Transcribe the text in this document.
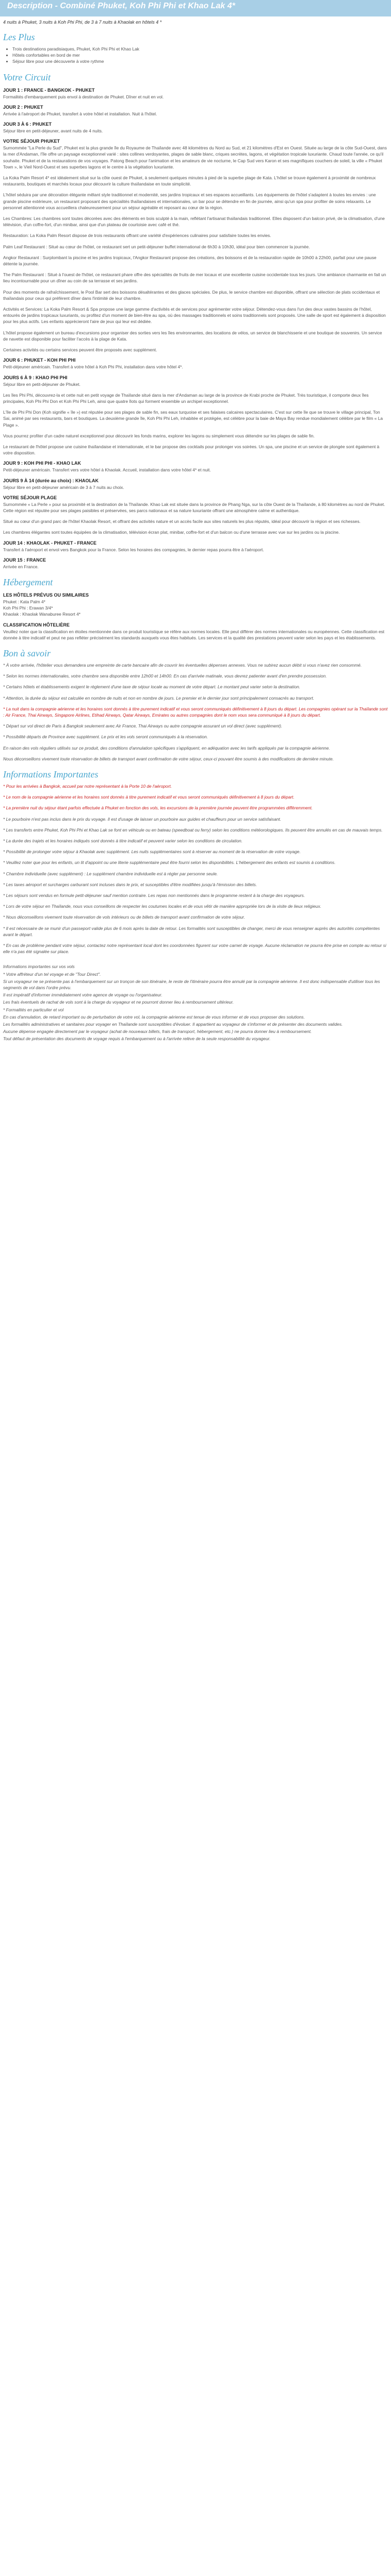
Description - Combiné Phuket, Koh Phi Phi et Khao Lak 4*
4 nuits à Phuket, 3 nuits à Koh Phi Phi, de 3 à 7 nuits à Khaolak en hôtels 4 *
Les Plus
• Trois destinations paradisiaques, Phuket, Koh Phi Phi et Khao Lak
• Hôtels confortables en bord de mer
• Séjour libre pour une découverte à votre rythme
Votre Circuit
JOUR 1 : FRANCE - BANGKOK - PHUKET

Formalités d'embarquement puis envol à destination de Phuket. Dîner et nuit en vol.

JOUR 2 : PHUKET

Arrivée à l'aéroport de Phuket, transfert à votre hôtel et installation. Nuit à l'hôtel.

JOUR 3 À 6 : PHUKET

Séjour libre en petit-déjeuner, avant nuits de 4 nuits.

VOTRE SÉJOUR PHUKET

Surnommée "La Perle du Sud", Phuket est la plus grande île du Royaume de Thaïlande avec 48 kilomètres du Nord au Sud, et 21 kilomètres d'Est en Ouest. Située au large de la côte Sud-Ouest, dans la mer d'Andaman, l'île offre un paysage exceptionnel varié : sites collines verdoyantes, plages de sable blanc, criques secrètes, lagons, et végétation tropicale luxuriante. Chaud toute l'année, ce qu'il souhaite. Phuket et de la restaurations de vos voyages. Patong Beach pour l'animation et les amateurs de vie nocturne, le Cap Sud vers Karon et ses magnifiques couchers de soleil, la ville « Phuket Town », le Vieil Nord-Ouest et ses superbes lagons et le centre à la végétation luxuriante.

La Koka Palm Resort 4* est idéalement situé sur la côte ouest de Phuket, à seulement quelques minutes à pied de la superbe plage de Kata. L'hôtel se trouve également à proximité de nombreux restaurants, boutiques et marchés locaux pour découvrir la culture thaïlandaise en toute simplicité.

L'hôtel séduira par une décoration élégante mêlant style traditionnel et modernité, ses jardins tropicaux et ses espaces accueillants. Les équipements de l'hôtel s'adaptent à toutes les envies : une grande piscine extérieure, un restaurant proposant des spécialités thaïlandaises et internationales, un bar pour se détendre en fin de journée, ainsi qu'un spa pour profiter de soins relaxants. Le personnel attentionné vous accueillera chaleureusement pour un séjour agréable et reposant au cœur de la région.

Les Chambres: Les chambres sont toutes décorées avec des éléments en bois sculpté à la main, reflétant l'artisanat thaïlandais traditionnel. Elles disposent d'un balcon privé, de la climatisation, d'une télévision, d'un coffre-fort, d'un minibar, ainsi que d'un plateau de courtoisie avec café et thé.

Restauration: La Koka Palm Resort dispose de trois restaurants offrant une variété d'expériences culinaires pour satisfaire toutes les envies.

Palm Leaf Restaurant : Situé au cœur de l'hôtel, ce restaurant sert un petit-déjeuner buffet international de 6h30 à 10h30, idéal pour bien commencer la journée.

Angkor Restaurant : Surplombant la piscine et les jardins tropicaux, l'Angkor Restaurant propose des créations, des boissons et de la restauration rapide de 10h00 à 22h00, parfait pour une pause détente la journée.

The Palm Restaurant : Situé à l'ouest de l'hôtel, ce restaurant phare offre des spécialités de fruits de mer locaux et une excellente cuisine occidentale tous les jours. Une ambiance charmante en fait un lieu incontournable pour un dîner au coin de sa terrasse et ses jardins.

Pour des moments de rafraîchissement, le Pool Bar sert des boissons désaltérantes et des glaces spéciales. De plus, le service chambre est disponible, offrant une sélection de plats occidentaux et thaïlandais pour ceux qui préfèrent dîner dans l'intimité de leur chambre.

Activités et Services: La Koka Palm Resort & Spa propose une large gamme d'activités et de services pour agrémenter votre séjour. Détendez-vous dans l'un des deux vastes bassins de l'hôtel, entourés de jardins tropicaux luxuriants, ou profitez d'un moment de bien-être au spa, où des massages traditionnels et soins traditionnels sont proposés. Une salle de sport est également à disposition pour les plus actifs. Les enfants apprécieront l'aire de jeux qui leur est dédiée.

L'hôtel propose également un bureau d'excursions pour organiser des sorties vers les îles environnantes, des locations de vélos, un service de blanchisserie et une boutique de souvenirs. Un service de navette est disponible pour faciliter l'accès à la plage de Kata.

Certaines activités ou certains services peuvent être proposés avec supplément.

JOUR 6 : PHUKET - KOH PHI PHI

Petit-déjeuner américain. Transfert à votre hôtel à Koh Phi Phi, installation dans votre hôtel 4*.

JOURS 6 À 9 : KHAO PHI PHI

Séjour libre en petit-déjeuner de Phuket.

Les îles Phi Phi, découvrez-la et cette nuit en petit voyage de Thaïlande situé dans la mer d'Andaman au large de la province de Krabi proche de Phuket. Très touristique, il comporte deux îles principales, Koh Phi Phi Don et Koh Phi Phi Leh, ainsi que quatre îlots qui forment ensemble un archipel exceptionnel.

L'île de Phi Phi Don (Koh signifie « île ») est réputée pour ses plages de sable fin, ses eaux turquoise et ses falaises calcaires spectaculaires. C'est sur cette île que se trouve le village principal, Ton Sai, animé par ses restaurants, bars et boutiques. La deuxième grande île, Koh Phi Phi Leh, inhabitée et protégée, est célèbre pour la baie de Maya Bay rendue mondialement célèbre par le film « La Plage ».

Vous pourrez profiter d'un cadre naturel exceptionnel pour découvrir les fonds marins, explorer les lagons ou simplement vous détendre sur les plages de sable fin.

Le restaurant de l'hôtel propose une cuisine thaïlandaise et internationale, et le bar propose des cocktails pour prolonger vos soirées. Un spa, une piscine et un service de plongée sont également à votre disposition.

JOUR 9 : KOH PHI PHI - KHAO LAK

Petit-déjeuner américain. Transfert vers votre hôtel à Khaolak. Accueil, installation dans votre hôtel 4* et nuit.

JOURS 9 À 14 (durée au choix) : KHAOLAK

Séjour libre en petit-déjeuner américain de 3 à 7 nuits au choix.

VOTRE SÉJOUR PLAGE

Surnommée « La Perle » pour sa proximité et la destination de la Thaïlande. Khao Lak est située dans la province de Phang Nga, sur la côte Ouest de la Thaïlande, à 80 kilomètres au nord de Phuket. Cette région est réputée pour ses plages paisibles et préservées, ses parcs nationaux et sa nature luxuriante offrant une atmosphère calme et authentique.

Situé au cœur d'un grand parc de l'hôtel Khaolak Resort, et offrant des activités nature et un accès facile aux sites naturels les plus réputés, idéal pour découvrir la région et ses richesses.

Les chambres élégantes sont toutes équipées de la climatisation, télévision écran plat, minibar, coffre-fort et d'un balcon ou d'une terrasse avec vue sur les jardins ou la piscine.

JOUR 14 : KHAOLAK - PHUKET - FRANCE

Transfert à l'aéroport et envol vers Bangkok pour la France. Selon les horaires des compagnies, le dernier repas pourra être à l'aéroport.

JOUR 15 : FRANCE

Arrivée en France.

Hébergement
LES HÔTELS PRÉVUS OU SIMILAIRES

Phuket : Kata Palm 4*

Koh Phi Phi : Erawan 3/4*

Khaolak : Khaolak Wanaburee Resort 4*

CLASSIFICATION HÔTELIÈRE

Veuillez noter que la classification en étoiles mentionnée dans ce produit touristique se réfère aux normes locales. Elle peut différer des normes internationales ou européennes. Cette classification est donnée à titre indicatif et peut ne pas refléter précisément les standards auxquels vous êtes habitués. Les services et la qualité des prestations peuvent varier selon les pays et les établissements.

Bon à savoir

* À votre arrivée, l'hôtelier vous demandera une empreinte de carte bancaire afin de couvrir les éventuelles dépenses annexes. Vous ne subirez aucun débit si vous n'avez rien consommé.

* Selon les normes internationales, votre chambre sera disponible entre 12h00 et 14h00. En cas d'arrivée matinale, vous devrez patienter avant d'en prendre possession.

* Certains hôtels et établissements exigent le règlement d'une taxe de séjour locale au moment de votre départ. Le montant peut varier selon la destination.

* Attention, la durée du séjour est calculée en nombre de nuits et non en nombre de jours. Le premier et le dernier jour sont principalement consacrés au transport.

* La nuit dans la compagnie aérienne et les horaires sont donnés à titre purement indicatif et vous seront communiqués définitivement à 8 jours du départ. Les compagnies opérant sur la Thaïlande sont : Air France, Thai Airways, Singapore Airlines, Etihad Airways, Qatar Airways, Emirates ou autres compagnies dont le nom vous sera communiqué à 8 jours du départ.

* Départ sur vol direct de Paris à Bangkok seulement avec Air France, Thai Airways ou autre compagnie assurant un vol direct (avec supplément).

* Possibilité départs de Province avec supplément. Le prix et les vols seront communiqués à la réservation.

En raison des vols réguliers utilisés sur ce produit, des conditions d'annulation spécifiques s'appliquent, en adéquation avec les tarifs appliqués par la compagnie aérienne.

Nous déconseillons vivement toute réservation de billets de transport avant confirmation de votre séjour, ceux-ci pouvant être soumis à des modifications de dernière minute.

Informations Importantes

* Pour les arrivées à Bangkok, accueil par notre représentant à la Porte 10 de l'aéroport.

* Le nom de la compagnie aérienne et les horaires sont donnés à titre purement indicatif et vous seront communiqués définitivement à 8 jours du départ.

* La première nuit du séjour étant parfois effectuée à Phuket en fonction des vols, les excursions de la première journée peuvent être programmées différemment.

* Le pourboire n'est pas inclus dans le prix du voyage. Il est d'usage de laisser un pourboire aux guides et chauffeurs pour un service satisfaisant.

* Les transferts entre Phuket, Koh Phi Phi et Khao Lak se font en véhicule ou en bateau (speedboat ou ferry) selon les conditions météorologiques. Ils peuvent être annulés en cas de mauvais temps.

* La durée des trajets et les horaires indiqués sont donnés à titre indicatif et peuvent varier selon les conditions de circulation.

* Possibilité de prolonger votre séjour à Khaolak avec supplément. Les nuits supplémentaires sont à réserver au moment de la réservation de votre voyage.

* Veuillez noter que pour les enfants, un lit d'appoint ou une literie supplémentaire peut être fourni selon les disponibilités. L'hébergement des enfants est soumis à conditions.

* Chambre individuelle (avec supplément) : Le supplément chambre individuelle est à régler par personne seule.

* Les taxes aéroport et surcharges carburant sont incluses dans le prix, et susceptibles d'être modifiées jusqu'à l'émission des billets.

* Les séjours sont vendus en formule petit-déjeuner sauf mention contraire. Les repas non mentionnés dans le programme restent à la charge des voyageurs.

* Lors de votre séjour en Thaïlande, nous vous conseillons de respecter les coutumes locales et de vous vêtir de manière appropriée lors de la visite de lieux religieux.

* Nous déconseillons vivement toute réservation de vols intérieurs ou de billets de transport avant confirmation de votre séjour.

* Il est nécessaire de se munir d'un passeport valide plus de 6 mois après la date de retour. Les formalités sont susceptibles de changer, merci de vous renseigner auprès des autorités compétentes avant le départ.

* En cas de problème pendant votre séjour, contactez notre représentant local dont les coordonnées figurent sur votre carnet de voyage. Aucune réclamation ne pourra être prise en compte au retour si elle n'a pas été signalée sur place.

Informations importantes sur vos vols

* Votre affréteur d'un tel voyage et de "Tour Direct".

Si un voyageur ne se présente pas à l'embarquement sur un tronçon de son itinéraire, le reste de l'itinéraire pourra être annulé par la compagnie aérienne. Il est donc indispensable d'utiliser tous les segments de vol dans l'ordre prévu.

Il est impératif d'informer immédiatement votre agence de voyage ou l'organisateur.

Les frais éventuels de rachat de vols sont à la charge du voyageur et ne pourront donner lieu à remboursement ultérieur.

* Formalités en particulier et vol

En cas d'annulation, de retard important ou de perturbation de votre vol, la compagnie aérienne est tenue de vous informer et de vous proposer des solutions.

Les formalités administratives et sanitaires pour voyager en Thaïlande sont susceptibles d'évoluer. Il appartient au voyageur de s'informer et de présenter des documents valides.

Aucune dépense engagée directement par le voyageur (achat de nouveaux billets, frais de transport, hébergement, etc.) ne pourra donner lieu à remboursement.

Tout défaut de présentation des documents de voyage requis à l'embarquement ou à l'arrivée relève de la seule responsabilité du voyageur.
